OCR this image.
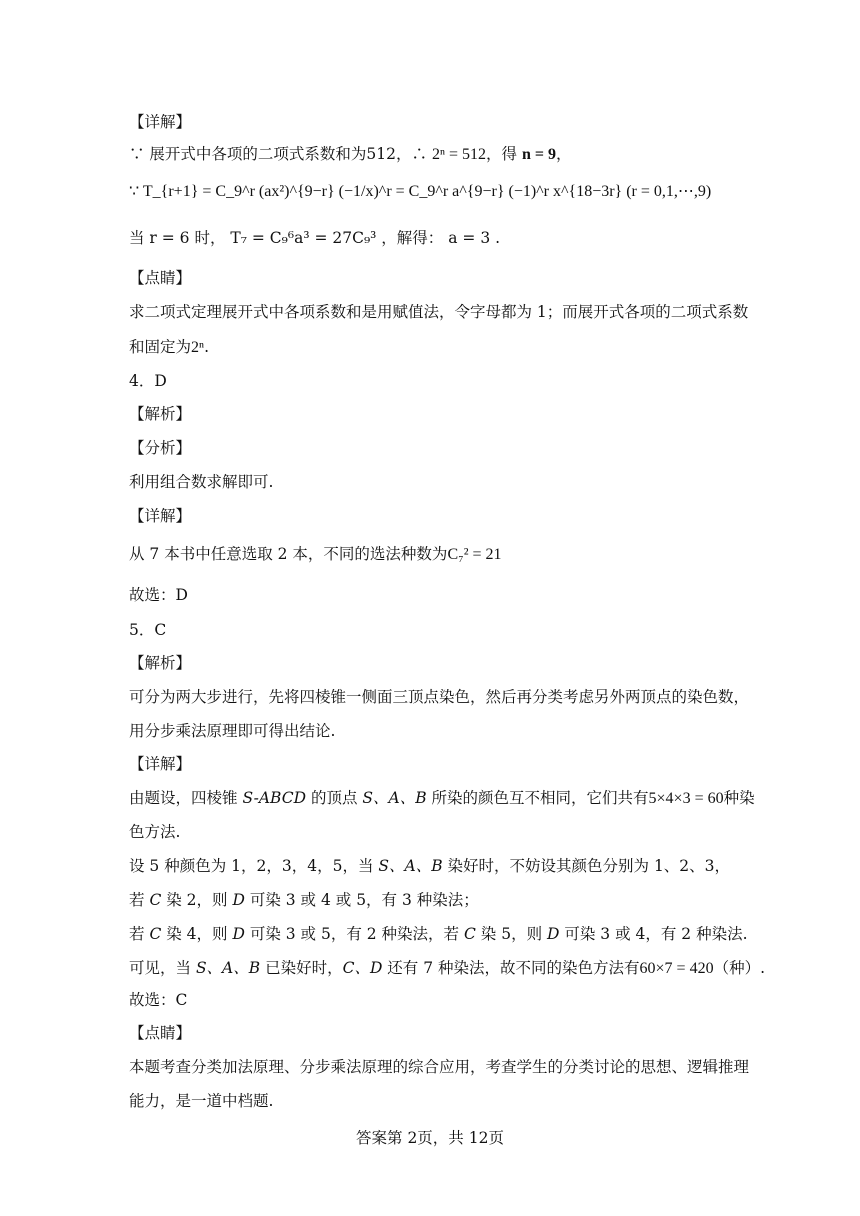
【详解】
∵ 展开式中各项的二项式系数和为512，∴ 2ⁿ = 512，得 n = 9，
∵ T_{r+1} = C_9^r (ax²)^{9−r} (−1/x)^r = C_9^r a^{9−r} (−1)^r x^{18−3r} (r = 0,1,⋯,9)
当 r = 6 时， T₇ = C₉⁶a³ = 27C₉³ ，解得： a = 3 .
【点睛】
求二项式定理展开式中各项系数和是用赋值法，令字母都为 1；而展开式各项的二项式系数
和固定为2ⁿ.
4．D
【解析】
【分析】
利用组合数求解即可.
【详解】
从 7 本书中任意选取 2 本，不同的选法种数为C₇² = 21
故选：D
5．C
【解析】
可分为两大步进行，先将四棱锥一侧面三顶点染色，然后再分类考虑另外两顶点的染色数，
用分步乘法原理即可得出结论.
【详解】
由题设，四棱锥 S-ABCD 的顶点 S、A、B 所染的颜色互不相同，它们共有5×4×3 = 60种染
色方法.
设 5 种颜色为 1，2，3，4，5，当 S、A、B 染好时，不妨设其颜色分别为 1、2、3，
若 C 染 2，则 D 可染 3 或 4 或 5，有 3 种染法；
若 C 染 4，则 D 可染 3 或 5，有 2 种染法，若 C 染 5，则 D 可染 3 或 4，有 2 种染法.
可见，当 S、A、B 已染好时，C、D 还有 7 种染法，故不同的染色方法有60×7 = 420（种）.
故选：C
【点睛】
本题考查分类加法原理、分步乘法原理的综合应用，考查学生的分类讨论的思想、逻辑推理
能力，是一道中档题.
答案第 2页，共 12页
